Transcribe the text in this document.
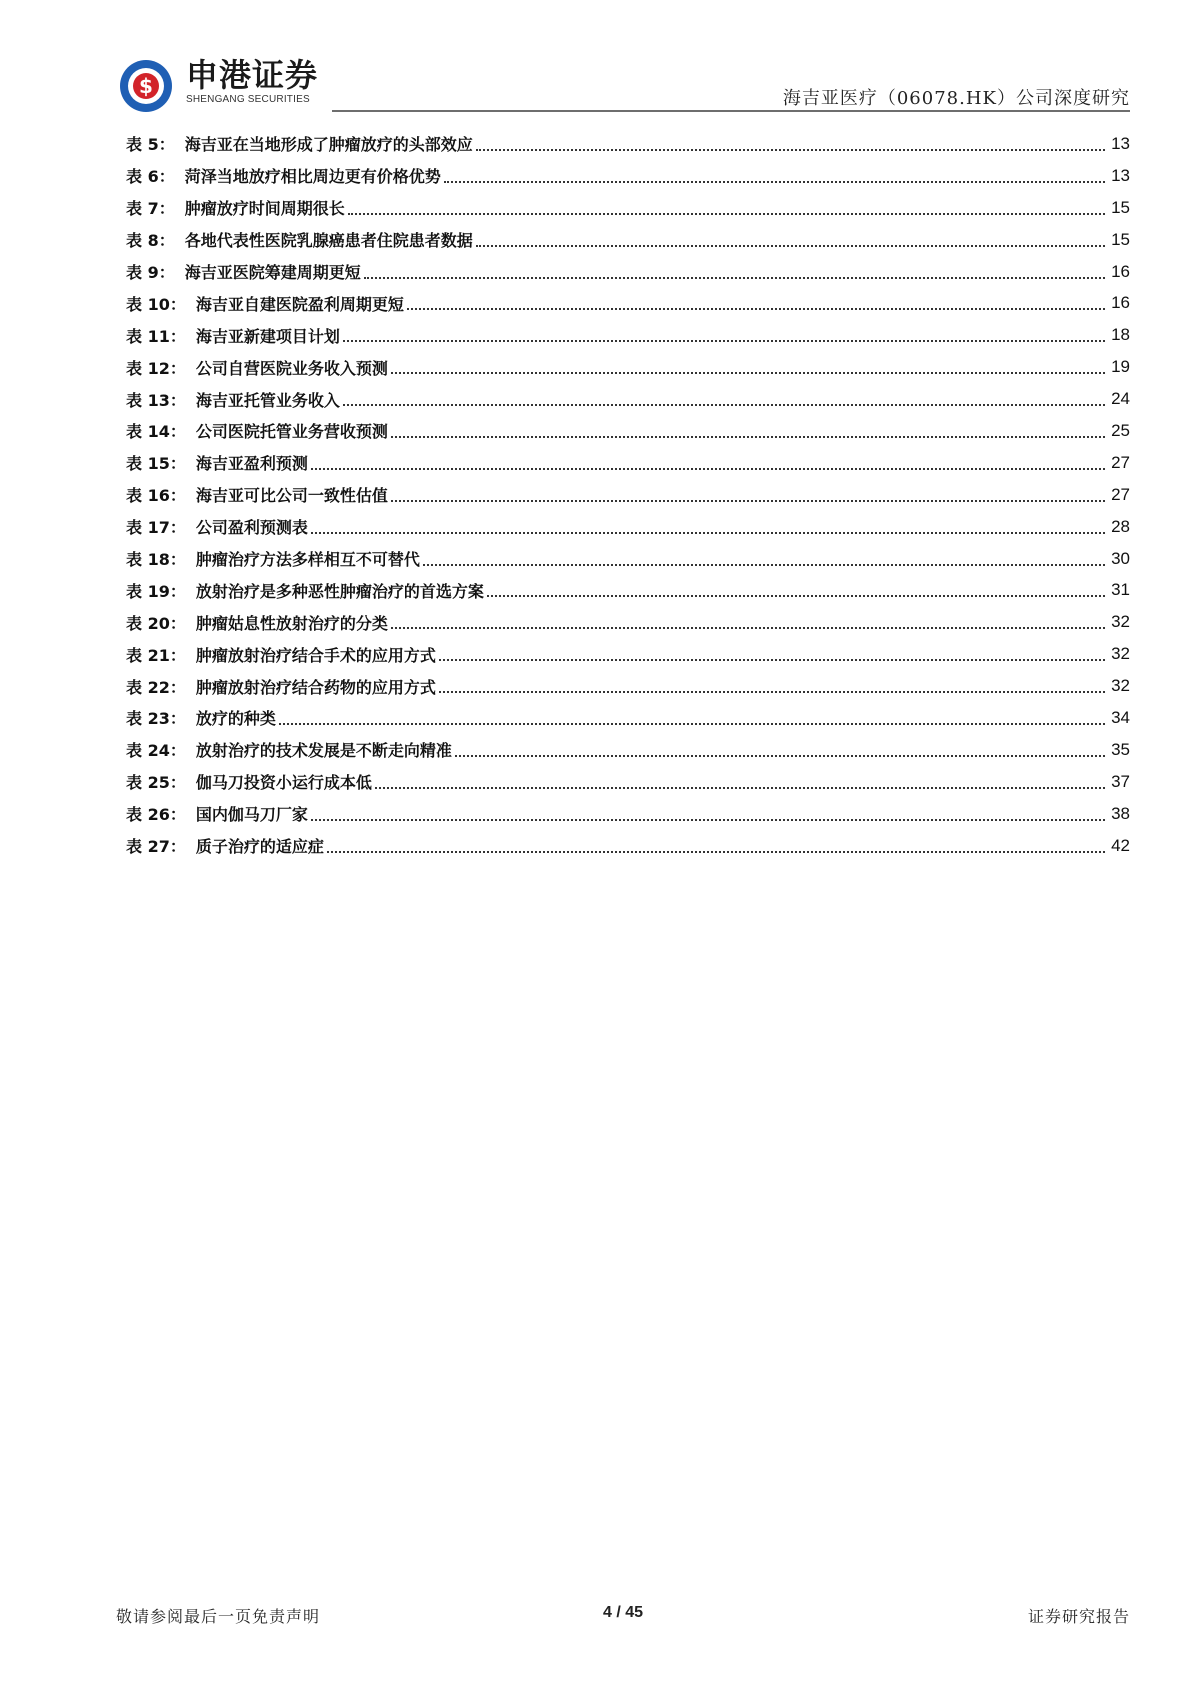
$ 申港证券
SHENGANG SECURITIES	海吉亚医疗（06078.HK）公司深度研究
表 5： 海吉亚在当地形成了肿瘤放疗的头部效应	13
表 6： 菏泽当地放疗相比周边更有价格优势	13
表 7： 肿瘤放疗时间周期很长	15
表 8： 各地代表性医院乳腺癌患者住院患者数据	15
表 9： 海吉亚医院筹建周期更短	16
表 10： 海吉亚自建医院盈利周期更短	16
表 11： 海吉亚新建项目计划	18
表 12： 公司自营医院业务收入预测	19
表 13： 海吉亚托管业务收入	24
表 14： 公司医院托管业务营收预测	25
表 15： 海吉亚盈利预测	27
表 16： 海吉亚可比公司一致性估值	27
表 17： 公司盈利预测表	28
表 18： 肿瘤治疗方法多样相互不可替代	30
表 19： 放射治疗是多种恶性肿瘤治疗的首选方案	31
表 20： 肿瘤姑息性放射治疗的分类	32
表 21： 肿瘤放射治疗结合手术的应用方式	32
表 22： 肿瘤放射治疗结合药物的应用方式	32
表 23： 放疗的种类	34
表 24： 放射治疗的技术发展是不断走向精准	35
表 25： 伽马刀投资小运行成本低	37
表 26： 国内伽马刀厂家	38
表 27： 质子治疗的适应症	42
敬请参阅最后一页免责声明	4 / 45	证券研究报告
